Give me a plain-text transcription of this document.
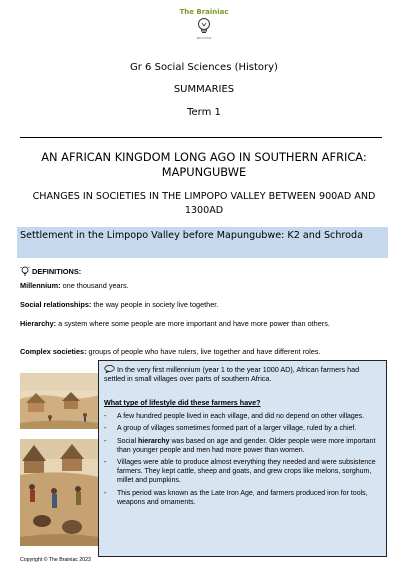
The Brainiac
EDUCATION
Gr 6 Social Sciences (History)
SUMMARIES
Term 1
AN AFRICAN KINGDOM LONG AGO IN SOUTHERN AFRICA: MAPUNGUBWE
CHANGES IN SOCIETIES IN THE LIMPOPO VALLEY BETWEEN 900AD AND 1300AD
Settlement in the Limpopo Valley before Mapungubwe: K2 and Schroda
DEFINITIONS:
Millennium: one thousand years.
Social relationships: the way people in society live together.
Hierarchy: a system where some people are more important and have more power than others.
Complex societies: groups of people who have rulers, live together and have different roles.
In the very first millennium (year 1 to the year 1000 AD), African farmers had settled in small villages over parts of southern Africa.
What type of lifestyle did these farmers have?
-	A few hundred people lived in each village, and did no depend on other villages.
-	A group of villages sometimes formed part of a larger village, ruled by a chief.
-	Social hierarchy was based on age and gender. Older people were more important than younger people and men had more power than women.
-	Villages were able to produce almost everything they needed and were subsistence farmers. They kept cattle, sheep and goats, and grew crops like melons, sorghum, millet and pumpkins.
-	This period was known as the Late Iron Age, and farmers produced iron for tools, weapons and ornaments.
Copyright © The Brainiac 2023
